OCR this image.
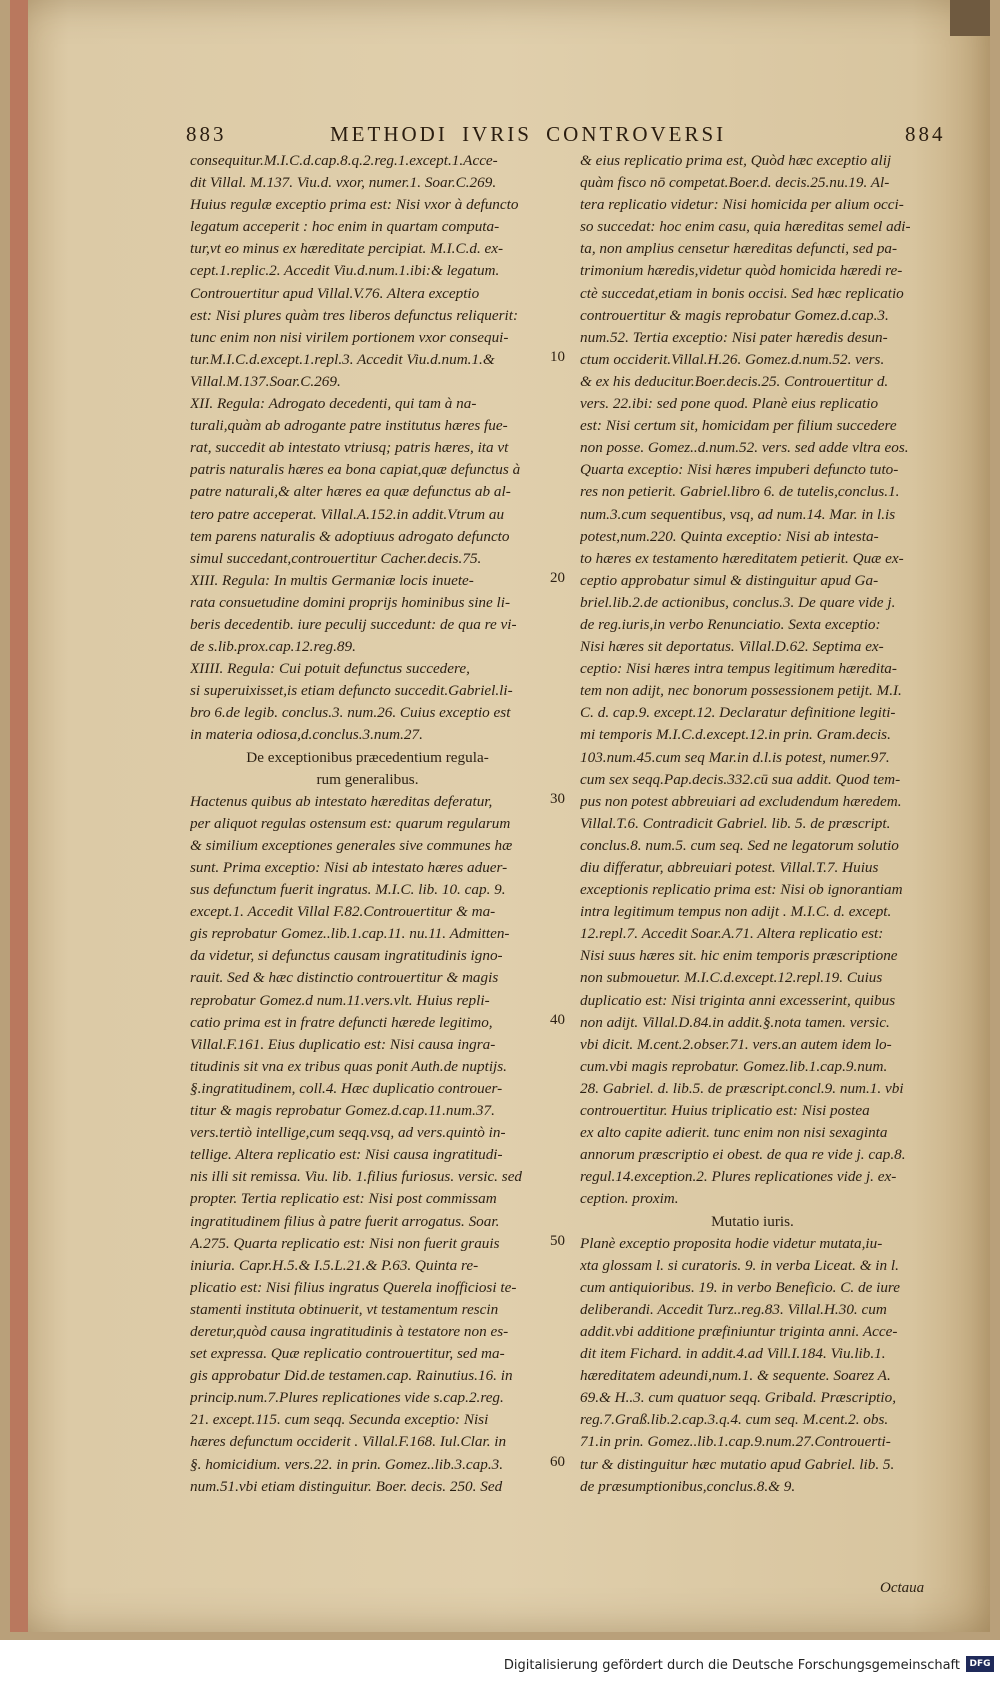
883	METHODI IVRIS CONTROVERSI	884
consequitur.M.I.C.d.cap.8.q.2.reg.1.except.1.Acce-
dit Villal. M.137. Viu.d. vxor, numer.1. Soar.C.269.
Huius regulæ exceptio prima est: Nisi vxor à defuncto
legatum acceperit : hoc enim in quartam computa-
tur,vt eo minus ex hæreditate percipiat. M.I.C.d. ex-
cept.1.replic.2. Accedit Viu.d.num.1.ibi:& legatum.
Controuertitur apud Villal.V.76. Altera exceptio
est: Nisi plures quàm tres liberos defunctus reliquerit:
tunc enim non nisi virilem portionem vxor consequi-
tur.M.I.C.d.except.1.repl.3. Accedit Viu.d.num.1.&
Villal.M.137.Soar.C.269.
XII. Regula: Adrogato decedenti, qui tam à na-
turali,quàm ab adrogante patre institutus hæres fue-
rat, succedit ab intestato vtriusq; patris hæres, ita vt
patris naturalis hæres ea bona capiat,quæ defunctus à
patre naturali,& alter hæres ea quæ defunctus ab al-
tero patre acceperat. Villal.A.152.in addit.Vtrum au
tem parens naturalis & adoptiuus adrogato defuncto
simul succedant,controuertitur Cacher.decis.75.
XIII. Regula: In multis Germaniæ locis inuete-
rata consuetudine domini proprijs hominibus sine li-
beris decedentib. iure peculij succedunt: de qua re vi-
de s.lib.prox.cap.12.reg.89.
XIIII. Regula: Cui potuit defunctus succedere,
si superuixisset,is etiam defuncto succedit.Gabriel.li-
bro 6.de legib. conclus.3. num.26. Cuius exceptio est
in materia odiosa,d.conclus.3.num.27.
De exceptionibus præcedentium regula-
rum generalibus.
Hactenus quibus ab intestato hæreditas deferatur,
per aliquot regulas ostensum est: quarum regularum
& similium exceptiones generales sive communes hæ
sunt. Prima exceptio: Nisi ab intestato hæres aduer-
sus defunctum fuerit ingratus. M.I.C. lib. 10. cap. 9.
except.1. Accedit Villal F.82.Controuertitur & ma-
gis reprobatur Gomez..lib.1.cap.11. nu.11. Admitten-
da videtur, si defunctus causam ingratitudinis igno-
rauit. Sed & hæc distinctio controuertitur & magis
reprobatur Gomez.d num.11.vers.vlt. Huius repli-
catio prima est in fratre defuncti hærede legitimo,
Villal.F.161. Eius duplicatio est: Nisi causa ingra-
titudinis sit vna ex tribus quas ponit Auth.de nuptijs.
§.ingratitudinem, coll.4. Hæc duplicatio controuer-
titur & magis reprobatur Gomez.d.cap.11.num.37.
vers.tertiò intellige,cum seqq.vsq, ad vers.quintò in-
tellige. Altera replicatio est: Nisi causa ingratitudi-
nis illi sit remissa. Viu. lib. 1.filius furiosus. versic. sed
propter. Tertia replicatio est: Nisi post commissam
ingratitudinem filius à patre fuerit arrogatus. Soar.
A.275. Quarta replicatio est: Nisi non fuerit grauis
iniuria. Capr.H.5.& I.5.L.21.& P.63. Quinta re-
plicatio est: Nisi filius ingratus Querela inofficiosi te-
stamenti instituta obtinuerit, vt testamentum rescin
deretur,quòd causa ingratitudinis à testatore non es-
set expressa. Quæ replicatio controuertitur, sed ma-
gis approbatur Did.de testamen.cap. Rainutius.16. in
princip.num.7.Plures replicationes vide s.cap.2.reg.
21. except.115. cum seqq. Secunda exceptio: Nisi
hæres defunctum occiderit . Villal.F.168. Iul.Clar. in
§. homicidium. vers.22. in prin. Gomez..lib.3.cap.3.
num.51.vbi etiam distinguitur. Boer. decis. 250. Sed
& eius replicatio prima est, Quòd hæc exceptio alij
quàm fisco nō competat.Boer.d. decis.25.nu.19. Al-
tera replicatio videtur: Nisi homicida per alium occi-
so succedat: hoc enim casu, quia hæreditas semel adi-
ta, non amplius censetur hæreditas defuncti, sed pa-
trimonium hæredis,videtur quòd homicida hæredi re-
ctè succedat,etiam in bonis occisi. Sed hæc replicatio
controuertitur & magis reprobatur Gomez.d.cap.3.
num.52. Tertia exceptio: Nisi pater hæredis desun-
ctum occiderit.Villal.H.26. Gomez.d.num.52. vers.
& ex his deducitur.Boer.decis.25. Controuertitur d.
vers. 22.ibi: sed pone quod. Planè eius replicatio
est: Nisi certum sit, homicidam per filium succedere
non posse. Gomez..d.num.52. vers. sed adde vltra eos.
Quarta exceptio: Nisi hæres impuberi defuncto tuto-
res non petierit. Gabriel.libro 6. de tutelis,conclus.1.
num.3.cum sequentibus, vsq, ad num.14. Mar. in l.is
potest,num.220. Quinta exceptio: Nisi ab intesta-
to hæres ex testamento hæreditatem petierit. Quæ ex-
ceptio approbatur simul & distinguitur apud Ga-
briel.lib.2.de actionibus, conclus.3. De quare vide j.
de reg.iuris,in verbo Renunciatio. Sexta exceptio:
Nisi hæres sit deportatus. Villal.D.62. Septima ex-
ceptio: Nisi hæres intra tempus legitimum hæredita-
tem non adijt, nec bonorum possessionem petijt. M.I.
C. d. cap.9. except.12. Declaratur definitione legiti-
mi temporis M.I.C.d.except.12.in prin. Gram.decis.
103.num.45.cum seq Mar.in d.l.is potest, numer.97.
cum sex seqq.Pap.decis.332.cū sua addit. Quod tem-
pus non potest abbreuiari ad excludendum hæredem.
Villal.T.6. Contradicit Gabriel. lib. 5. de præscript.
conclus.8. num.5. cum seq. Sed ne legatorum solutio
diu differatur, abbreuiari potest. Villal.T.7. Huius
exceptionis replicatio prima est: Nisi ob ignorantiam
intra legitimum tempus non adijt . M.I.C. d. except.
12.repl.7. Accedit Soar.A.71. Altera replicatio est:
Nisi suus hæres sit. hic enim temporis præscriptione
non submouetur. M.I.C.d.except.12.repl.19. Cuius
duplicatio est: Nisi triginta anni excesserint, quibus
non adijt. Villal.D.84.in addit.§.nota tamen. versic.
vbi dicit. M.cent.2.obser.71. vers.an autem idem lo-
cum.vbi magis reprobatur. Gomez.lib.1.cap.9.num.
28. Gabriel. d. lib.5. de præscript.concl.9. num.1. vbi
controuertitur. Huius triplicatio est: Nisi postea
ex alto capite adierit. tunc enim non nisi sexaginta
annorum præscriptio ei obest. de qua re vide j. cap.8.
regul.14.exception.2. Plures replicationes vide j. ex-
ception. proxim.
Mutatio iuris.
Planè exceptio proposita hodie videtur mutata,iu-
xta glossam l. si curatoris. 9. in verba Liceat. & in l.
cum antiquioribus. 19. in verbo Beneficio. C. de iure
deliberandi. Accedit Turz..reg.83. Villal.H.30. cum
addit.vbi additione præfiniuntur triginta anni. Acce-
dit item Fichard. in addit.4.ad Vill.I.184. Viu.lib.1.
hæreditatem adeundi,num.1. & sequente. Soarez A.
69.& H..3. cum quatuor seqq. Gribald. Præscriptio,
reg.7.Graß.lib.2.cap.3.q.4. cum seq. M.cent.2. obs.
71.in prin. Gomez..lib.1.cap.9.num.27.Controuerti-
tur & distinguitur hæc mutatio apud Gabriel. lib. 5.
de præsumptionibus,conclus.8.& 9.
10
20
30
40
50
60
Octaua
Digitalisierung gefördert durch die Deutsche Forschungsgemeinschaft	DFG
